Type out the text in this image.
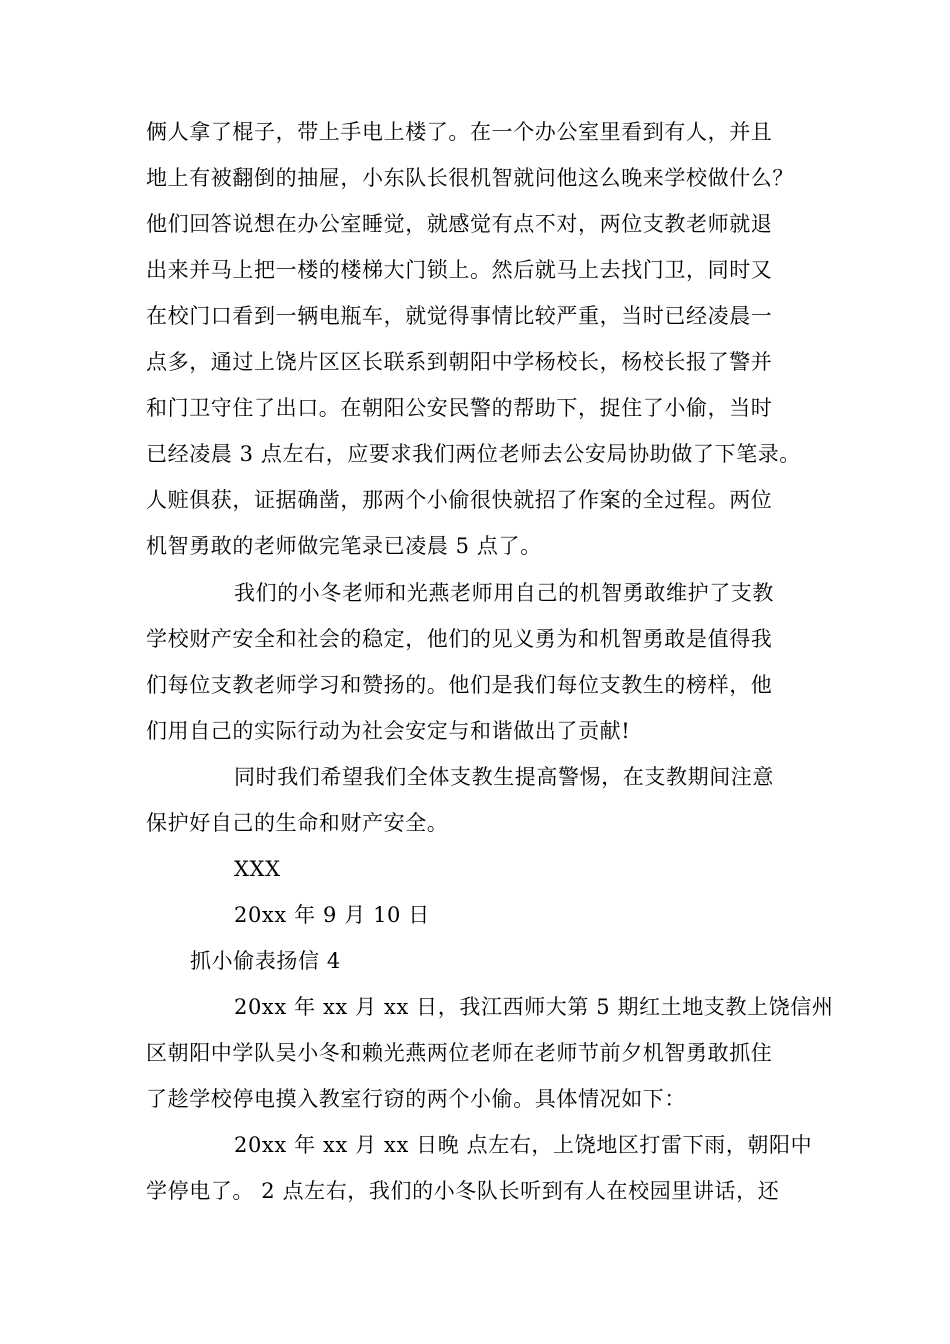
俩人拿了棍子，带上手电上楼了。在一个办公室里看到有人，并且
地上有被翻倒的抽屉，小东队长很机智就问他这么晚来学校做什么？
他们回答说想在办公室睡觉，就感觉有点不对，两位支教老师就退
出来并马上把一楼的楼梯大门锁上。然后就马上去找门卫，同时又
在校门口看到一辆电瓶车，就觉得事情比较严重，当时已经凌晨一
点多，通过上饶片区区长联系到朝阳中学杨校长，杨校长报了警并
和门卫守住了出口。在朝阳公安民警的帮助下，捉住了小偷，当时
已经凌晨 3 点左右，应要求我们两位老师去公安局协助做了下笔录。
人赃俱获，证据确凿，那两个小偷很快就招了作案的全过程。两位
机智勇敢的老师做完笔录已凌晨 5 点了。
我们的小冬老师和光燕老师用自己的机智勇敢维护了支教
学校财产安全和社会的稳定，他们的见义勇为和机智勇敢是值得我
们每位支教老师学习和赞扬的。他们是我们每位支教生的榜样，他
们用自己的实际行动为社会安定与和谐做出了贡献!
同时我们希望我们全体支教生提高警惕，在支教期间注意
保护好自己的生命和财产安全。
XXX
20xx 年 9 月 10 日
抓小偷表扬信 4
20xx 年 xx 月 xx 日，我江西师大第 5 期红土地支教上饶信州
区朝阳中学队吴小冬和赖光燕两位老师在老师节前夕机智勇敢抓住
了趁学校停电摸入教室行窃的两个小偷。具体情况如下：
20xx 年 xx 月 xx 日晚 点左右，上饶地区打雷下雨，朝阳中
学停电了。 2 点左右，我们的小冬队长听到有人在校园里讲话，还
